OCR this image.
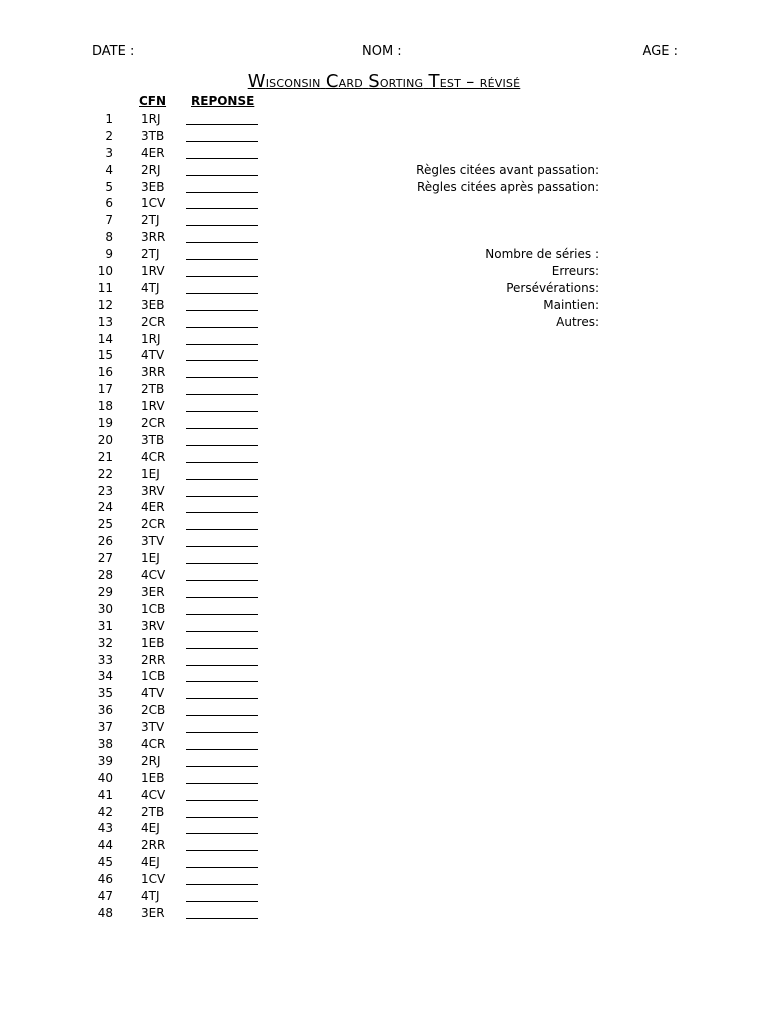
DATE :	NOM :	AGE :
Wisconsin Card Sorting Test – révisé
CFN REPONSE
1 1RJ
2 3TB
3 4ER
4 2RJ
5 3EB
6 1CV
7 2TJ
8 3RR
9 2TJ
10 1RV
11 4TJ
12 3EB
13 2CR
14 1RJ
15 4TV
16 3RR
17 2TB
18 1RV
19 2CR
20 3TB
21 4CR
22 1EJ
23 3RV
24 4ER
25 2CR
26 3TV
27 1EJ
28 4CV
29 3ER
30 1CB
31 3RV
32 1EB
33 2RR
34 1CB
35 4TV
36 2CB
37 3TV
38 4CR
39 2RJ
40 1EB
41 4CV
42 2TB
43 4EJ
44 2RR
45 4EJ
46 1CV
47 4TJ
48 3ER
Règles citées avant passation:
Règles citées après passation:
Nombre de séries :
Erreurs:
Persévérations:
Maintien:
Autres:
